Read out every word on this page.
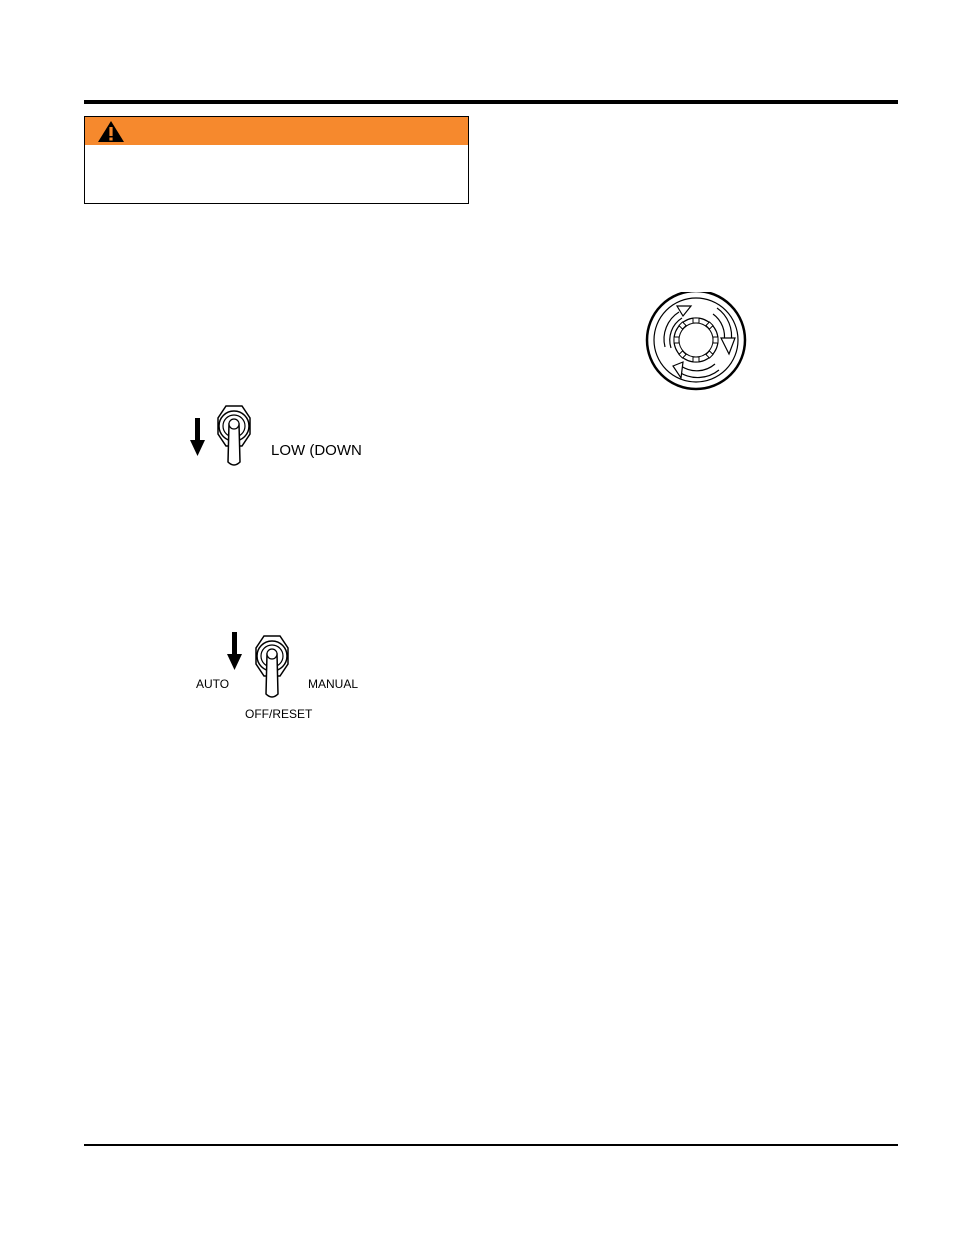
LOW (DOWN
AUTO	MANUAL
OFF/RESET
